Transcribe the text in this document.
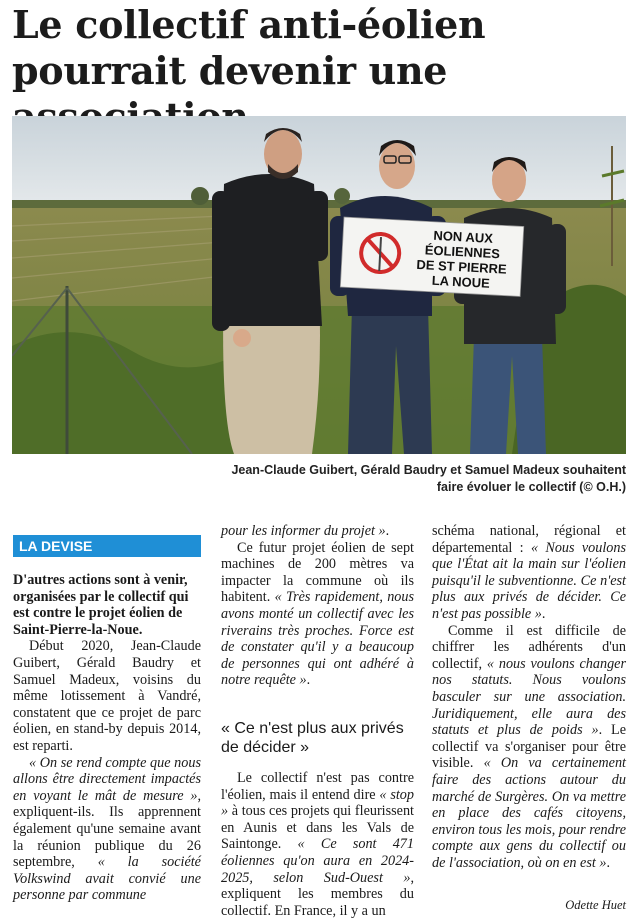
Le collectif anti-éolien pourrait devenir une
NON AUX
ÉOLIENNES
DE ST PIERRE
LA NOUE
Jean-Claude Guibert, Gérald Baudry et Samuel Madeux souhaitent faire évoluer le collectif (© O.H.)
LA DEVISE

D'autres actions sont à venir, organisées par le collectif qui est contre le projet éolien de Saint-Pierre-la-Noue.

Début 2020, Jean-Claude Guibert, Gérald Baudry et Samuel Madeux, voisins du même lotissement à Vandré, constatent que ce projet de parc éolien, en stand-by depuis 2014, est reparti.

« On se rend compte que nous allons être directement impactés en voyant le mât de mesure », expliquent-ils. Ils apprennent également qu'une semaine avant la réunion publique du 26 septembre, « la société Volkswind avait convié une personne par commune

pour les informer du projet ».

Ce futur projet éolien de sept machines de 200 mètres va impacter la commune où ils habitent. « Très rapidement, nous avons monté un collectif avec les riverains très proches. Force est de constater qu'il y a beaucoup de personnes qui ont adhéré à notre requête ».

« Ce n'est plus aux privés de décider »

Le collectif n'est pas contre l'éolien, mais il entend dire « stop » à tous ces projets qui fleurissent en Aunis et dans les Vals de Saintonge. « Ce sont 471 éoliennes qu'on aura en 2024-2025, selon Sud-Ouest », expliquent les membres du collectif. En France, il y a un

schéma national, régional et départemental : « Nous voulons que l'État ait la main sur l'éolien puisqu'il le subventionne. Ce n'est plus aux privés de décider. Ce n'est pas possible ».

Comme il est difficile de chiffrer les adhérents d'un collectif, « nous voulons changer nos statuts. Nous voulons basculer sur une association. Juridiquement, elle aura des statuts et plus de poids ». Le collectif va s'organiser pour être visible. « On va certainement faire des actions autour du marché de Surgères. On va mettre en place des cafés citoyens, environ tous les mois, pour rendre compte aux gens du collectif ou de l'association, où on en est ».

Odette Huet
